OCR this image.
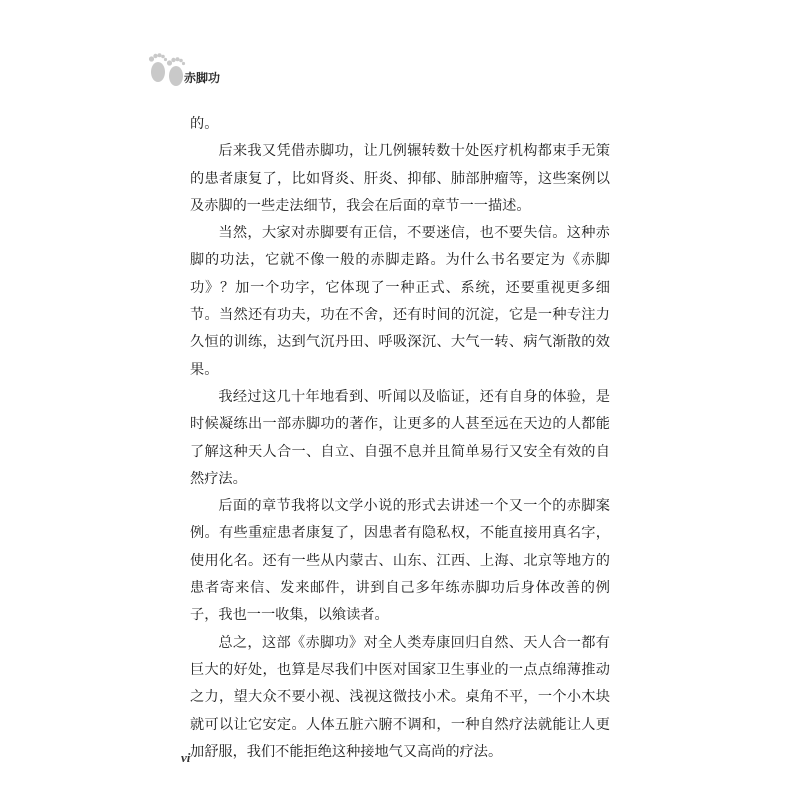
赤脚功

的。

后来我又凭借赤脚功，让几例辗转数十处医疗机构都束手无策的患者康复了，比如肾炎、肝炎、抑郁、肺部肿瘤等，这些案例以及赤脚的一些走法细节，我会在后面的章节一一描述。

当然，大家对赤脚要有正信，不要迷信，也不要失信。这种赤脚的功法，它就不像一般的赤脚走路。为什么书名要定为《赤脚功》？加一个功字，它体现了一种正式、系统，还要重视更多细节。当然还有功夫，功在不舍，还有时间的沉淀，它是一种专注力久恒的训练，达到气沉丹田、呼吸深沉、大气一转、病气渐散的效果。

我经过这几十年地看到、听闻以及临证，还有自身的体验，是时候凝练出一部赤脚功的著作，让更多的人甚至远在天边的人都能了解这种天人合一、自立、自强不息并且简单易行又安全有效的自然疗法。

后面的章节我将以文学小说的形式去讲述一个又一个的赤脚案例。有些重症患者康复了，因患者有隐私权，不能直接用真名字，使用化名。还有一些从内蒙古、山东、江西、上海、北京等地方的患者寄来信、发来邮件，讲到自己多年练赤脚功后身体改善的例子，我也一一收集，以飨读者。

总之，这部《赤脚功》对全人类寿康回归自然、天人合一都有巨大的好处，也算是尽我们中医对国家卫生事业的一点点绵薄推动之力，望大众不要小视、浅视这微技小术。桌角不平，一个小木块就可以让它安定。人体五脏六腑不调和，一种自然疗法就能让人更加舒服，我们不能拒绝这种接地气又高尚的疗法。

vi
